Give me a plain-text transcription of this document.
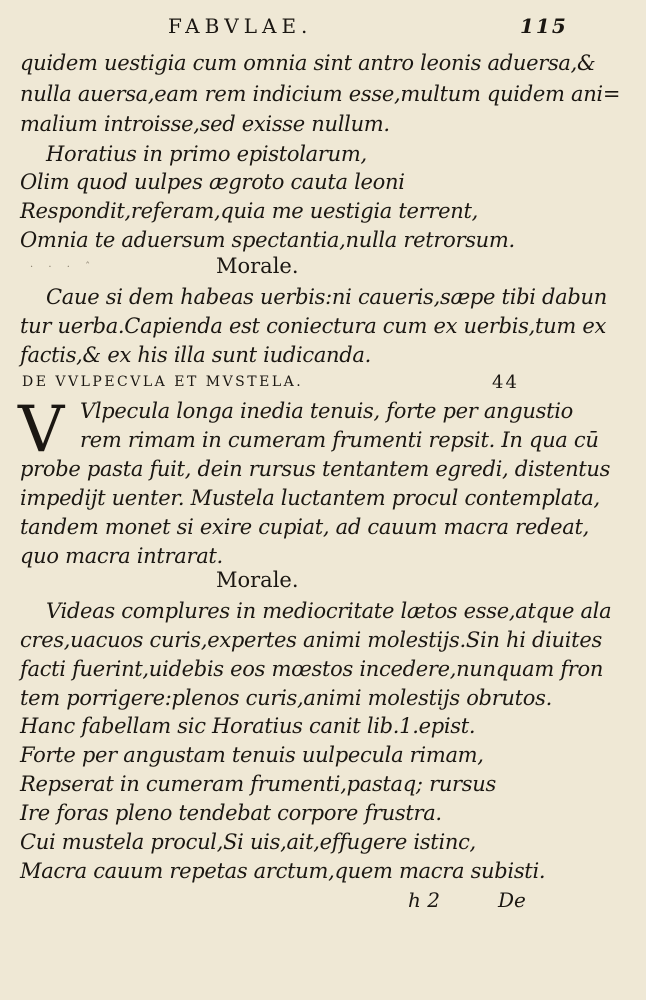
FABVLAE.	115
quidem uestigia cum omnia sint antro leonis aduersa,&
nulla auersa,eam rem indicium esse,multum quidem ani=
malium introisse,sed exisse nullum.
Horatius in primo epistolarum,
Olim quod uulpes ægroto cauta leoni
Respondit,referam,quia me uestigia terrent,
Omnia te aduersum spectantia,nulla retrorsum.
· · · ˆ	Morale.
Caue si dem habeas uerbis:ni caueris,sæpe tibi dabun
tur uerba.Capienda est coniectura cum ex uerbis,tum ex
factis,& ex his illa sunt iudicanda.
DE VVLPECVLA ET MVSTELA.	44
V Vlpecula longa inedia tenuis, forte per angustio
rem rimam in cumeram frumenti repsit. In qua cū
probe pasta fuit, dein rursus tentantem egredi, distentus
impedijt uenter. Mustela luctantem procul contemplata,
tandem monet si exire cupiat, ad cauum macra redeat,
quo macra intrarat.
Morale.
Videas complures in mediocritate lætos esse,atque ala
cres,uacuos curis,expertes animi molestijs.Sin hi diuites
facti fuerint,uidebis eos mœstos incedere,nunquam fron
tem porrigere:plenos curis,animi molestijs obrutos.
Hanc fabellam sic Horatius canit lib.1.epist.
Forte per angustam tenuis uulpecula rimam,
Repserat in cumeram frumenti,pastaq; rursus
Ire foras pleno tendebat corpore frustra.
Cui mustela procul,Si uis,ait,effugere istinc,
Macra cauum repetas arctum,quem macra subisti.
h 2	De
